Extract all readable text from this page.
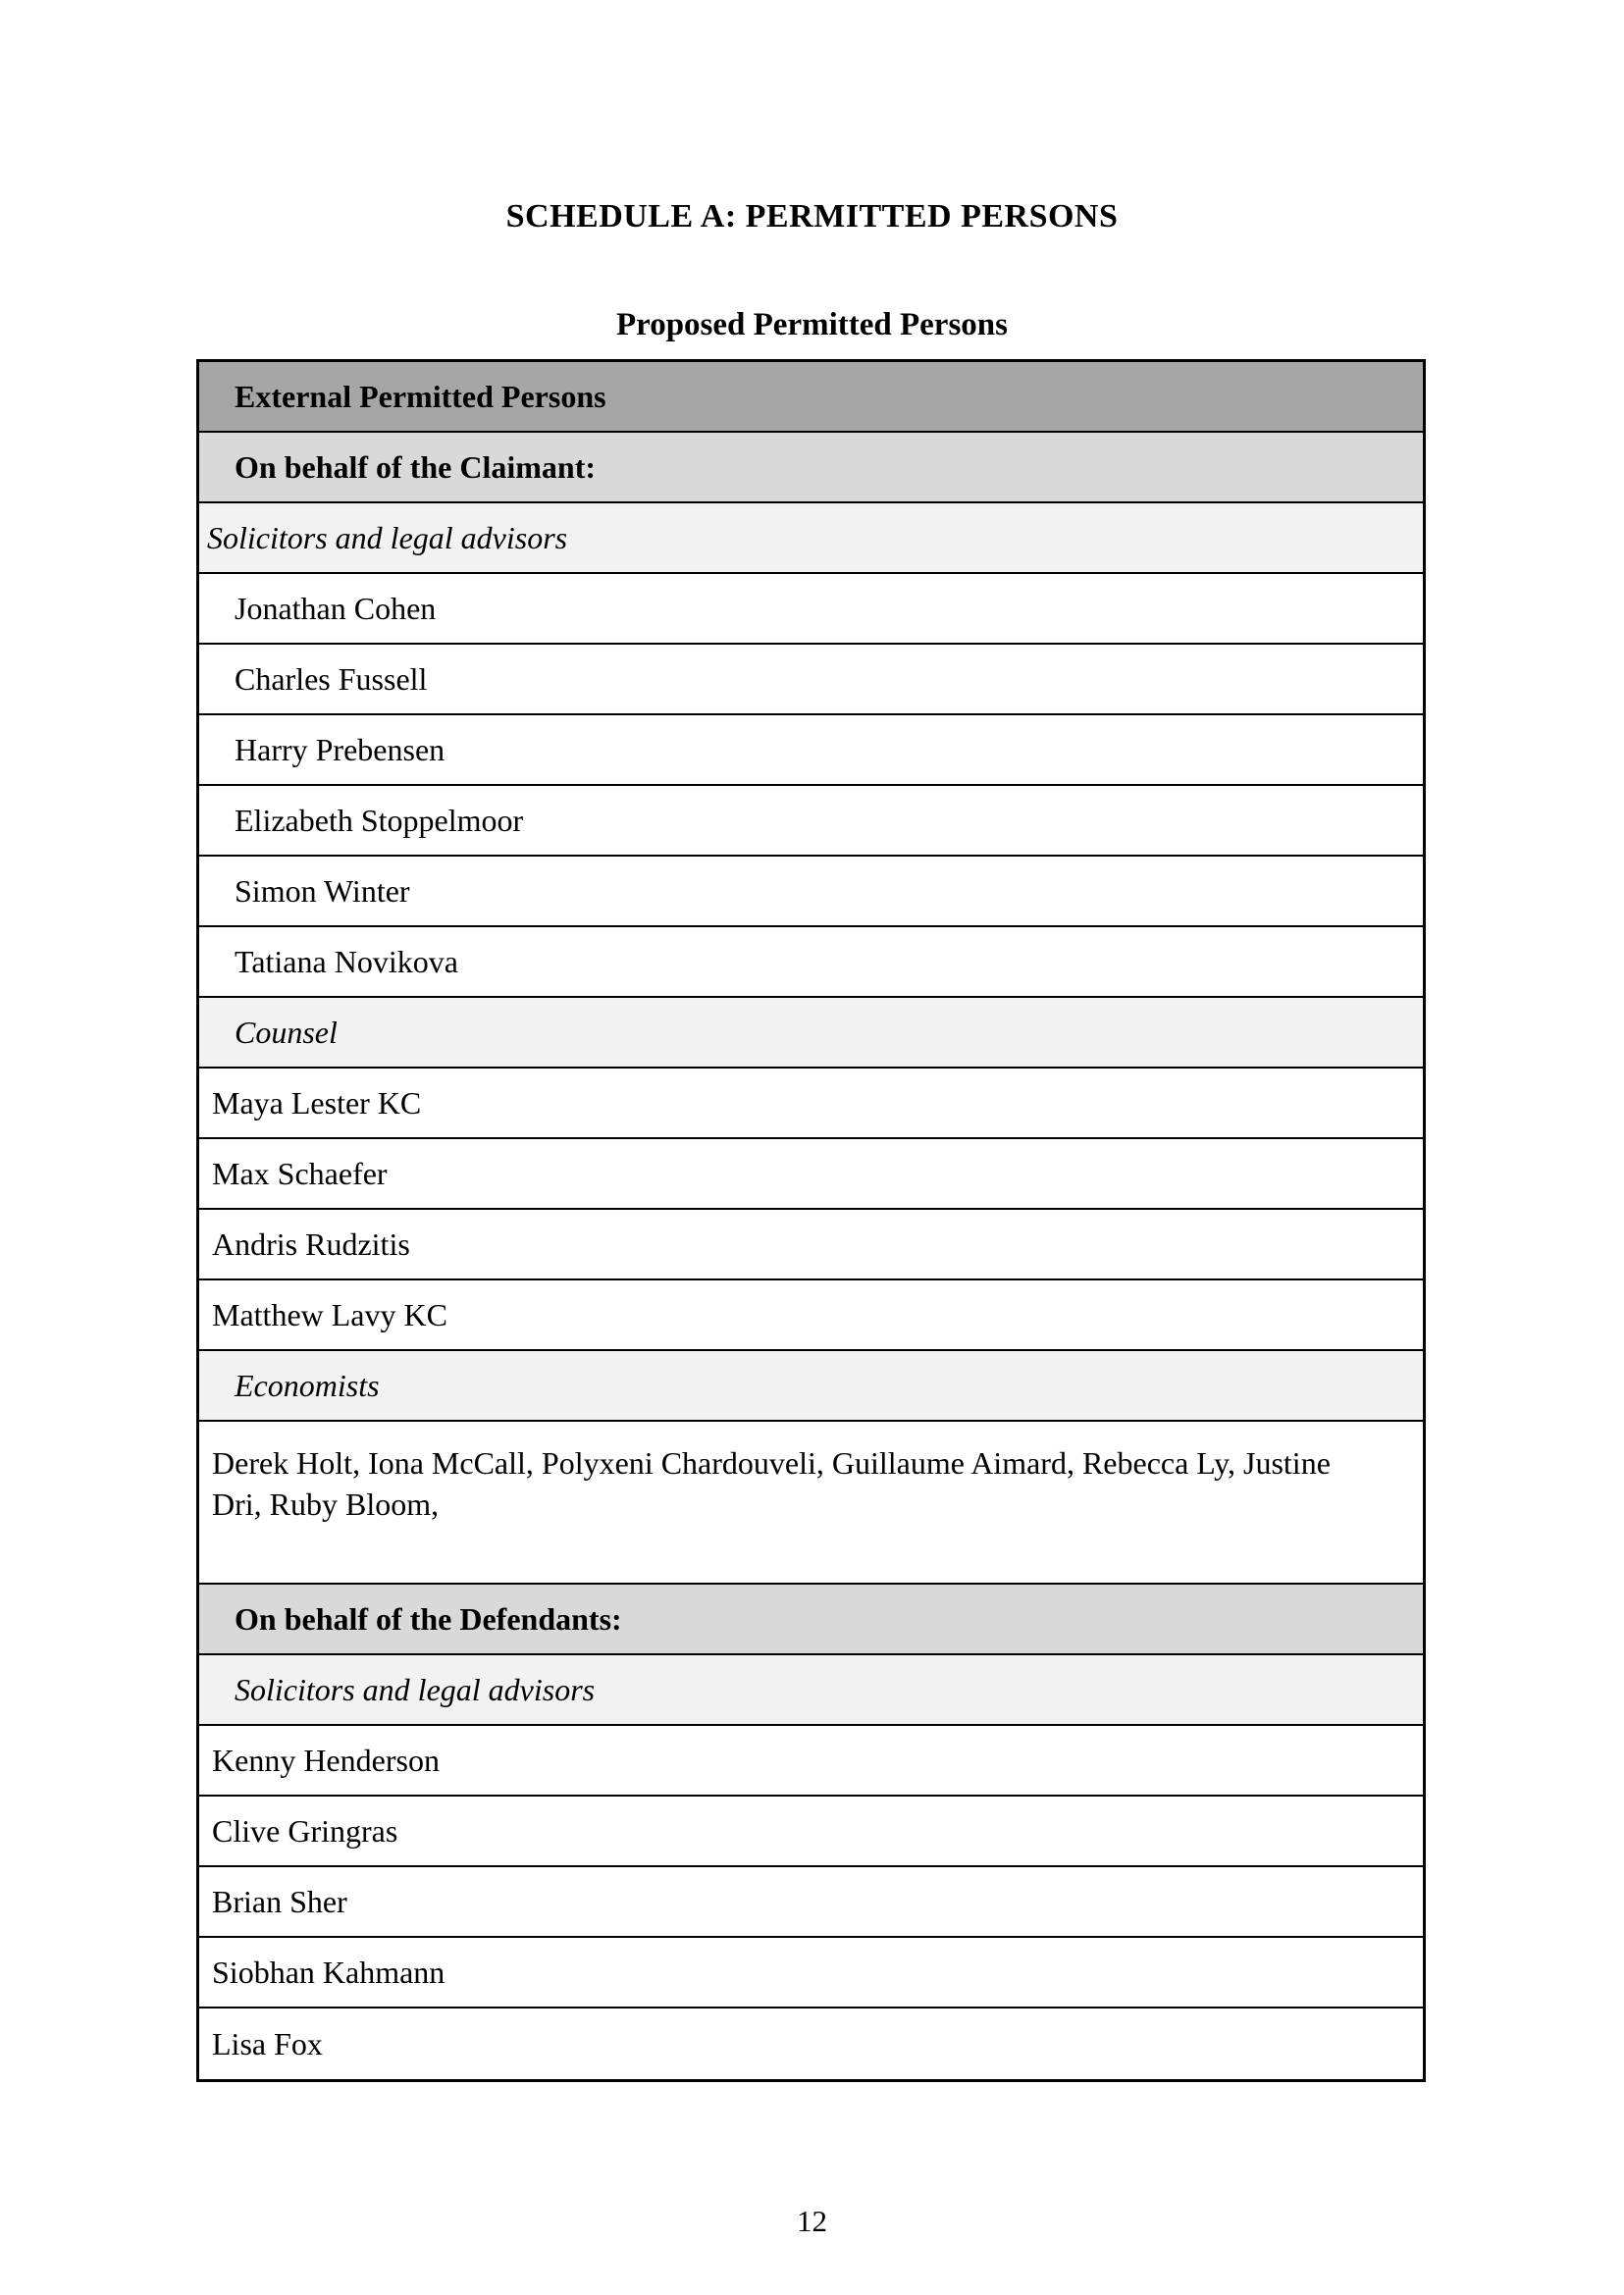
SCHEDULE A: PERMITTED PERSONS
Proposed Permitted Persons
External Permitted Persons
On behalf of the Claimant:
Solicitors and legal advisors
Jonathan Cohen
Charles Fussell
Harry Prebensen
Elizabeth Stoppelmoor
Simon Winter
Tatiana Novikova
Counsel
Maya Lester KC
Max Schaefer
Andris Rudzitis
Matthew Lavy KC
Economists
Derek Holt, Iona McCall, Polyxeni Chardouveli, Guillaume Aimard, Rebecca Ly, Justine Dri, Ruby Bloom,
On behalf of the Defendants:
Solicitors and legal advisors
Kenny Henderson
Clive Gringras
Brian Sher
Siobhan Kahmann
Lisa Fox
12
